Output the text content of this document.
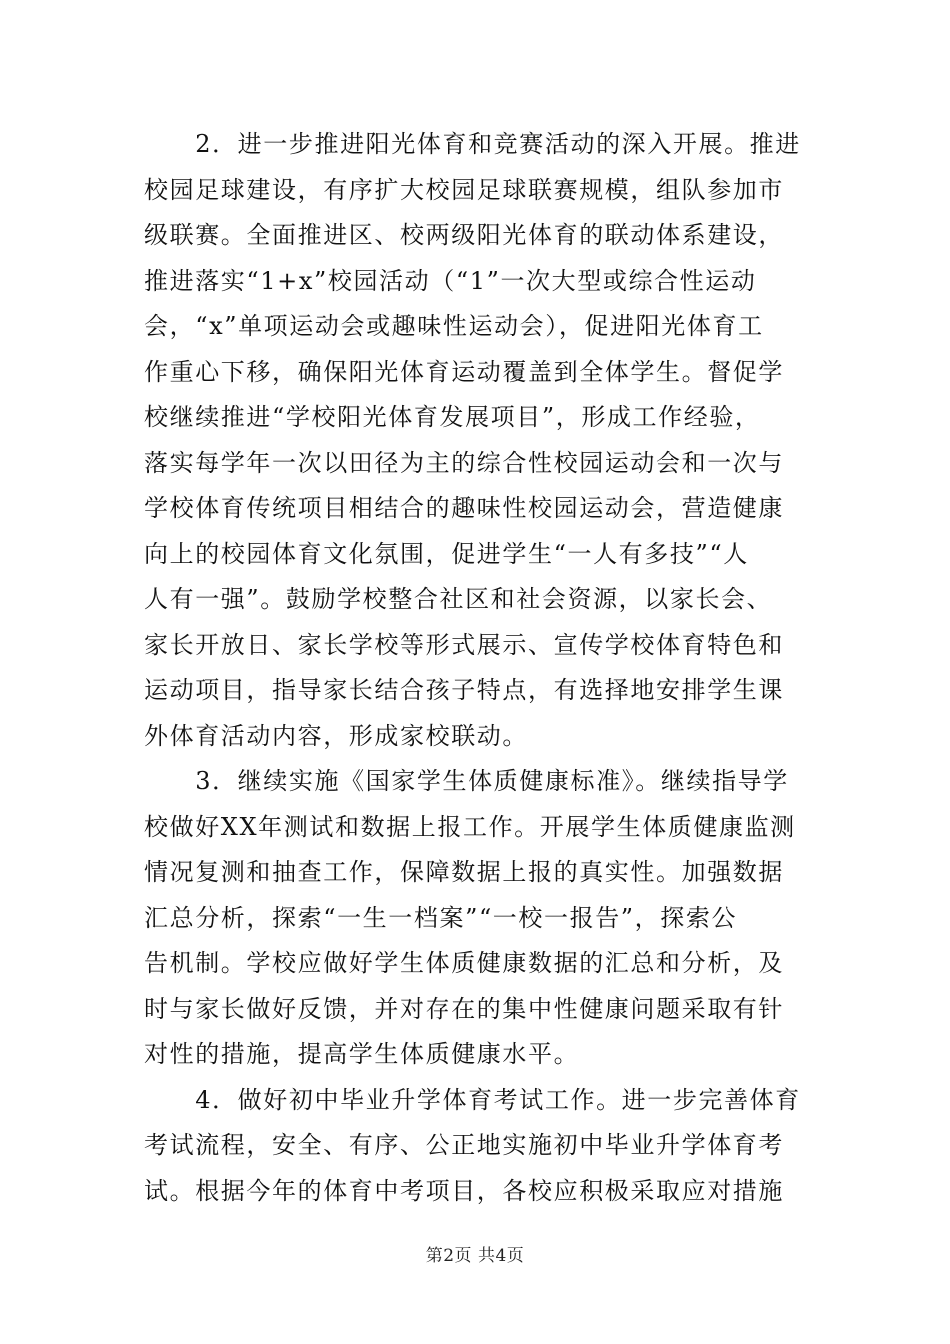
　　2．进一步推进阳光体育和竞赛活动的深入开展。推进
校园足球建设，有序扩大校园足球联赛规模，组队参加市
级联赛。全面推进区、校两级阳光体育的联动体系建设，
推进落实“1+x”校园活动（“1”一次大型或综合性运动
会，“x”单项运动会或趣味性运动会），促进阳光体育工
作重心下移，确保阳光体育运动覆盖到全体学生。督促学
校继续推进“学校阳光体育发展项目”，形成工作经验，
落实每学年一次以田径为主的综合性校园运动会和一次与
学校体育传统项目相结合的趣味性校园运动会，营造健康
向上的校园体育文化氛围，促进学生“一人有多技”“人
人有一强”。鼓励学校整合社区和社会资源，以家长会、
家长开放日、家长学校等形式展示、宣传学校体育特色和
运动项目，指导家长结合孩子特点，有选择地安排学生课
外体育活动内容，形成家校联动。
　　3．继续实施《国家学生体质健康标准》。继续指导学
校做好XX年测试和数据上报工作。开展学生体质健康监测
情况复测和抽查工作，保障数据上报的真实性。加强数据
汇总分析，探索“一生一档案”“一校一报告”，探索公
告机制。学校应做好学生体质健康数据的汇总和分析，及
时与家长做好反馈，并对存在的集中性健康问题采取有针
对性的措施，提高学生体质健康水平。
　　4．做好初中毕业升学体育考试工作。进一步完善体育
考试流程，安全、有序、公正地实施初中毕业升学体育考
试。根据今年的体育中考项目，各校应积极采取应对措施
第2页 共4页
